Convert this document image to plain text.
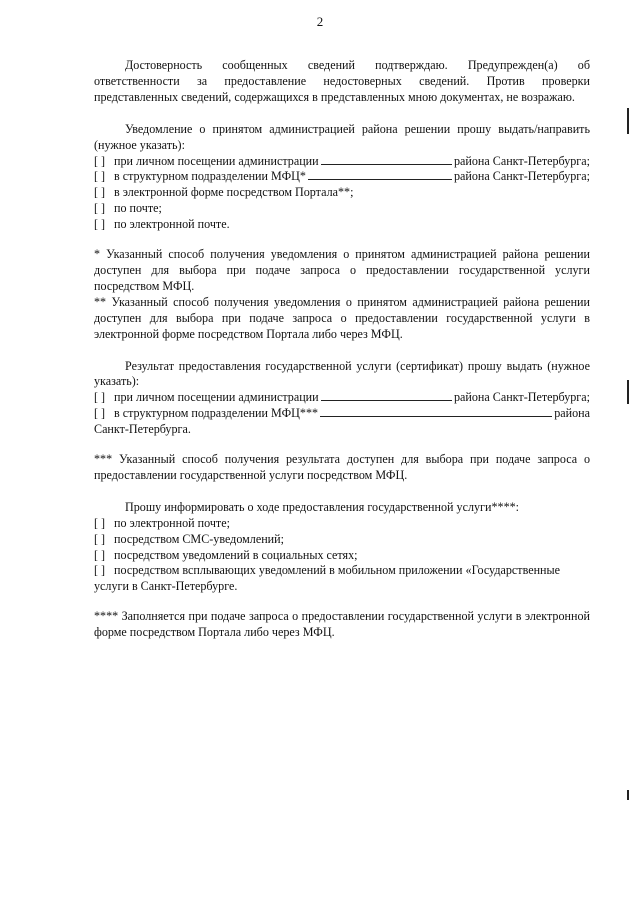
2

Достоверность сообщенных сведений подтверждаю. Предупрежден(а) об ответственности за предоставление недостоверных сведений. Против проверки представленных сведений, содержащихся в представленных мною документах, не возражаю.

Уведомление о принятом администрацией района решении прошу выдать/направить (нужное указать):

[ ] при личном посещении администрации	района Санкт-Петербурга;
[ ] в структурном подразделении МФЦ*	района Санкт-Петербурга;
[ ] в электронной форме посредством Портала**;
[ ] по почте;
[ ] по электронной почте.

* Указанный способ получения уведомления о принятом администрацией района решении доступен для выбора при подаче запроса о предоставлении государственной услуги посредством МФЦ.

** Указанный способ получения уведомления о принятом администрацией района решении доступен для выбора при подаче запроса о предоставлении государственной услуги в электронной форме посредством Портала либо через МФЦ.

Результат предоставления государственной услуги (сертификат) прошу выдать (нужное указать):

[ ] при личном посещении администрации	района Санкт-Петербурга;
[ ] в структурном подразделении МФЦ***	района

Санкт-Петербурга.

*** Указанный способ получения результата доступен для выбора при подаче запроса о предоставлении государственной услуги посредством МФЦ.

Прошу информировать о ходе предоставления государственной услуги****:

[ ] по электронной почте;
[ ] посредством СМС-уведомлений;
[ ] посредством уведомлений в социальных сетях;
[ ] посредством всплывающих уведомлений в мобильном приложении «Государственные

услуги в Санкт-Петербурге.

**** Заполняется при подаче запроса о предоставлении государственной услуги в электронной форме посредством Портала либо через МФЦ.
